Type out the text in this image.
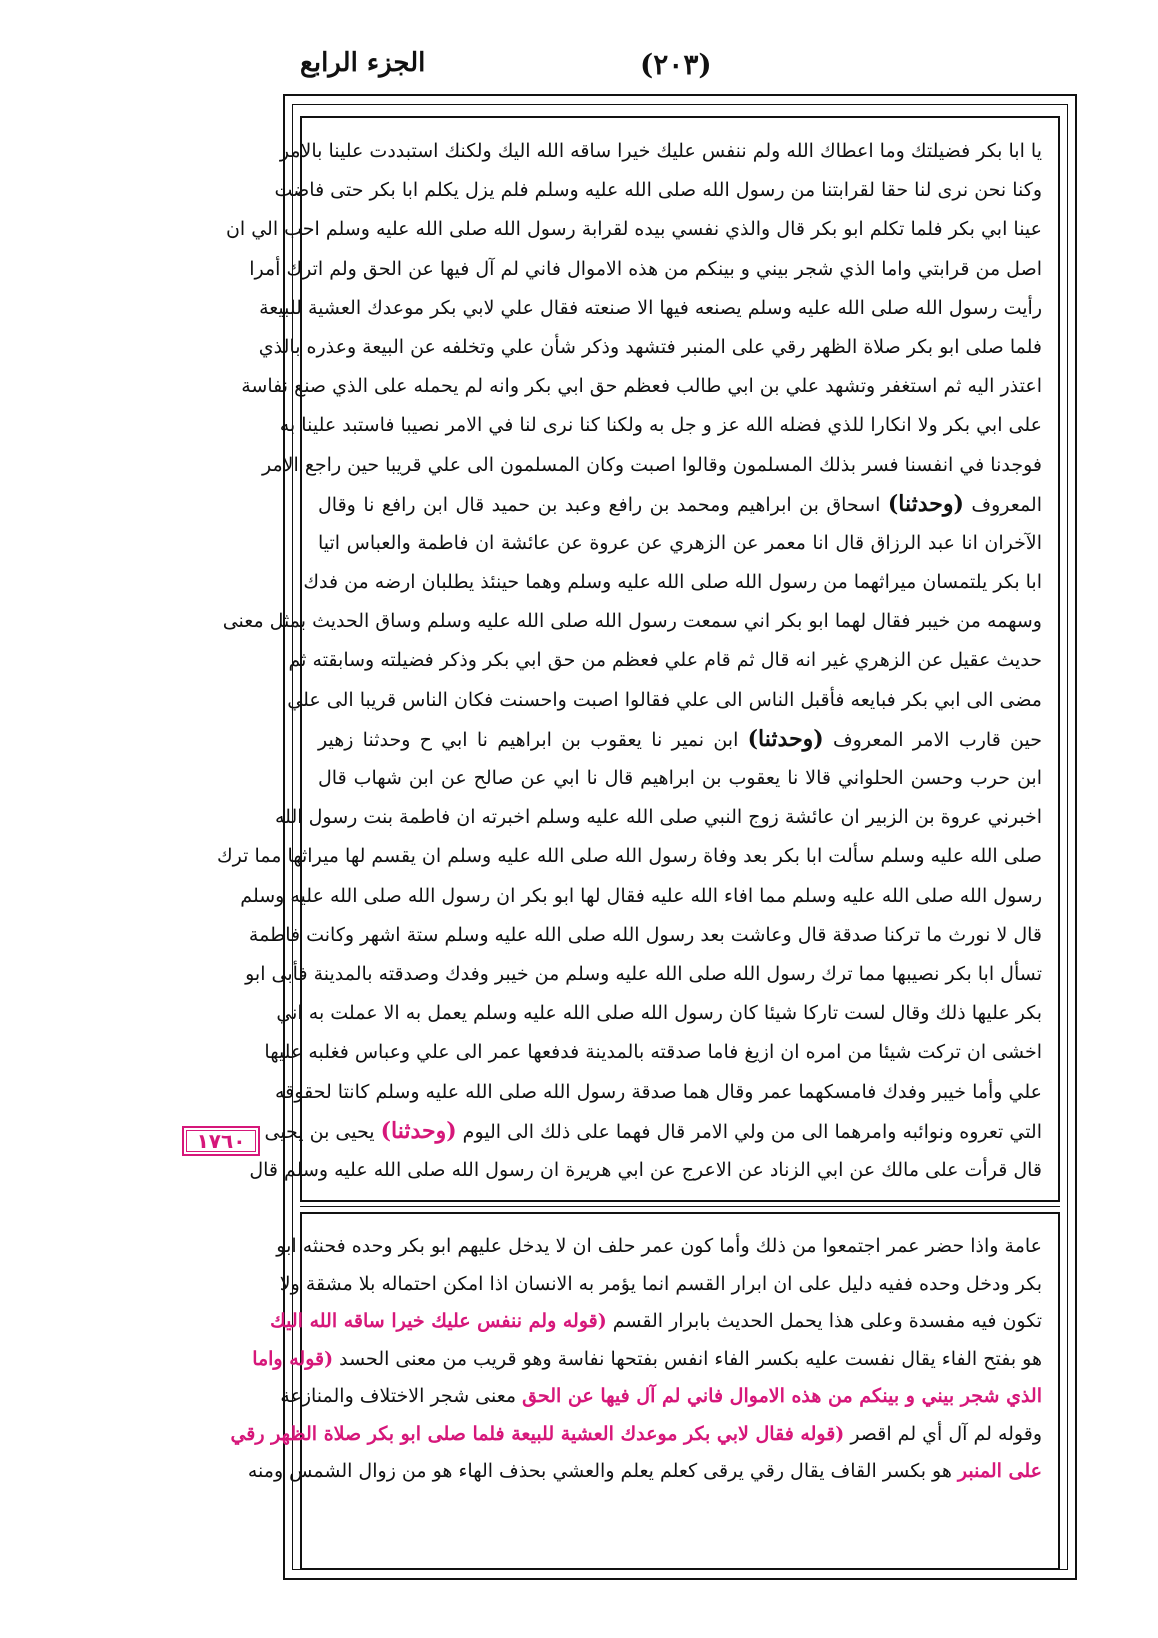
الجزء الرابع	(٢٠٣)
١٧٦٠
يا ابا بكر فضيلتك وما اعطاك الله ولم ننفس عليك خيرا ساقه الله اليك ولكنك استبددت علينا بالامر
وكنا نحن نرى لنا حقا لقرابتنا من رسول الله صلى الله عليه وسلم فلم يزل يكلم ابا بكر حتى فاضت
عينا ابي بكر فلما تكلم ابو بكر قال والذي نفسي بيده لقرابة رسول الله صلى الله عليه وسلم احب الي ان
اصل من قرابتي واما الذي شجر بيني و بينكم من هذه الاموال فاني لم آل فيها عن الحق ولم اترك أمرا
رأيت رسول الله صلى الله عليه وسلم يصنعه فيها الا صنعته فقال علي لابي بكر موعدك العشية للبيعة
فلما صلى ابو بكر صلاة الظهر رقي على المنبر فتشهد وذكر شأن علي وتخلفه عن البيعة وعذره بالذي
اعتذر اليه ثم استغفر وتشهد علي بن ابي طالب فعظم حق ابي بكر وانه لم يحمله على الذي صنع نفاسة
على ابي بكر ولا انكارا للذي فضله الله عز و جل به ولكنا كنا نرى لنا في الامر نصيبا فاستبد علينا به
فوجدنا في انفسنا فسر بذلك المسلمون وقالوا اصبت وكان المسلمون الى علي قريبا حين راجع الامر
المعروف (وحدثنا) اسحاق بن ابراهيم ومحمد بن رافع وعبد بن حميد قال ابن رافع نا وقال
الآخران انا عبد الرزاق قال انا معمر عن الزهري عن عروة عن عائشة ان فاطمة والعباس اتيا
ابا بكر يلتمسان ميراثهما من رسول الله صلى الله عليه وسلم وهما حينئذ يطلبان ارضه من فدك
وسهمه من خيبر فقال لهما ابو بكر اني سمعت رسول الله صلى الله عليه وسلم وساق الحديث بمثل معنى
حديث عقيل عن الزهري غير انه قال ثم قام علي فعظم من حق ابي بكر وذكر فضيلته وسابقته ثم
مضى الى ابي بكر فبايعه فأقبل الناس الى علي فقالوا اصبت واحسنت فكان الناس قريبا الى علي
حين قارب الامر المعروف (وحدثنا) ابن نمير نا يعقوب بن ابراهيم نا ابي ح وحدثنا زهير
ابن حرب وحسن الحلواني قالا نا يعقوب بن ابراهيم قال نا ابي عن صالح عن ابن شهاب قال
اخبرني عروة بن الزبير ان عائشة زوج النبي صلى الله عليه وسلم اخبرته ان فاطمة بنت رسول الله
صلى الله عليه وسلم سألت ابا بكر بعد وفاة رسول الله صلى الله عليه وسلم ان يقسم لها ميراثها مما ترك
رسول الله صلى الله عليه وسلم مما افاء الله عليه فقال لها ابو بكر ان رسول الله صلى الله عليه وسلم
قال لا نورث ما تركنا صدقة قال وعاشت بعد رسول الله صلى الله عليه وسلم ستة اشهر وكانت فاطمة
تسأل ابا بكر نصيبها مما ترك رسول الله صلى الله عليه وسلم من خيبر وفدك وصدقته بالمدينة فأبى ابو
بكر عليها ذلك وقال لست تاركا شيئا كان رسول الله صلى الله عليه وسلم يعمل به الا عملت به اني
اخشى ان تركت شيئا من امره ان ازيغ فاما صدقته بالمدينة فدفعها عمر الى علي وعباس فغلبه عليها
علي وأما خيبر وفدك فامسكهما عمر وقال هما صدقة رسول الله صلى الله عليه وسلم كانتا لحقوقه
التي تعروه ونوائبه وامرهما الى من ولي الامر قال فهما على ذلك الى اليوم (وحدثنا) يحيى بن يحيى
قال قرأت على مالك عن ابي الزناد عن الاعرج عن ابي هريرة ان رسول الله صلى الله عليه وسلم قال
عامة واذا حضر عمر اجتمعوا من ذلك وأما كون عمر حلف ان لا يدخل عليهم ابو بكر وحده فحنثه ابو
بكر ودخل وحده ففيه دليل على ان ابرار القسم انما يؤمر به الانسان اذا امكن احتماله بلا مشقة ولا
تكون فيه مفسدة وعلى هذا يحمل الحديث بابرار القسم (قوله ولم ننفس عليك خيرا ساقه الله اليك
هو بفتح الفاء يقال نفست عليه بكسر الفاء انفس بفتحها نفاسة وهو قريب من معنى الحسد (قوله واما
الذي شجر بيني و بينكم من هذه الاموال فاني لم آل فيها عن الحق معنى شجر الاختلاف والمنازعة
وقوله لم آل أي لم اقصر (قوله فقال لابي بكر موعدك العشية للبيعة فلما صلى ابو بكر صلاة الظهر رقي
على المنبر هو بكسر القاف يقال رقي يرقى كعلم يعلم والعشي بحذف الهاء هو من زوال الشمس ومنه
